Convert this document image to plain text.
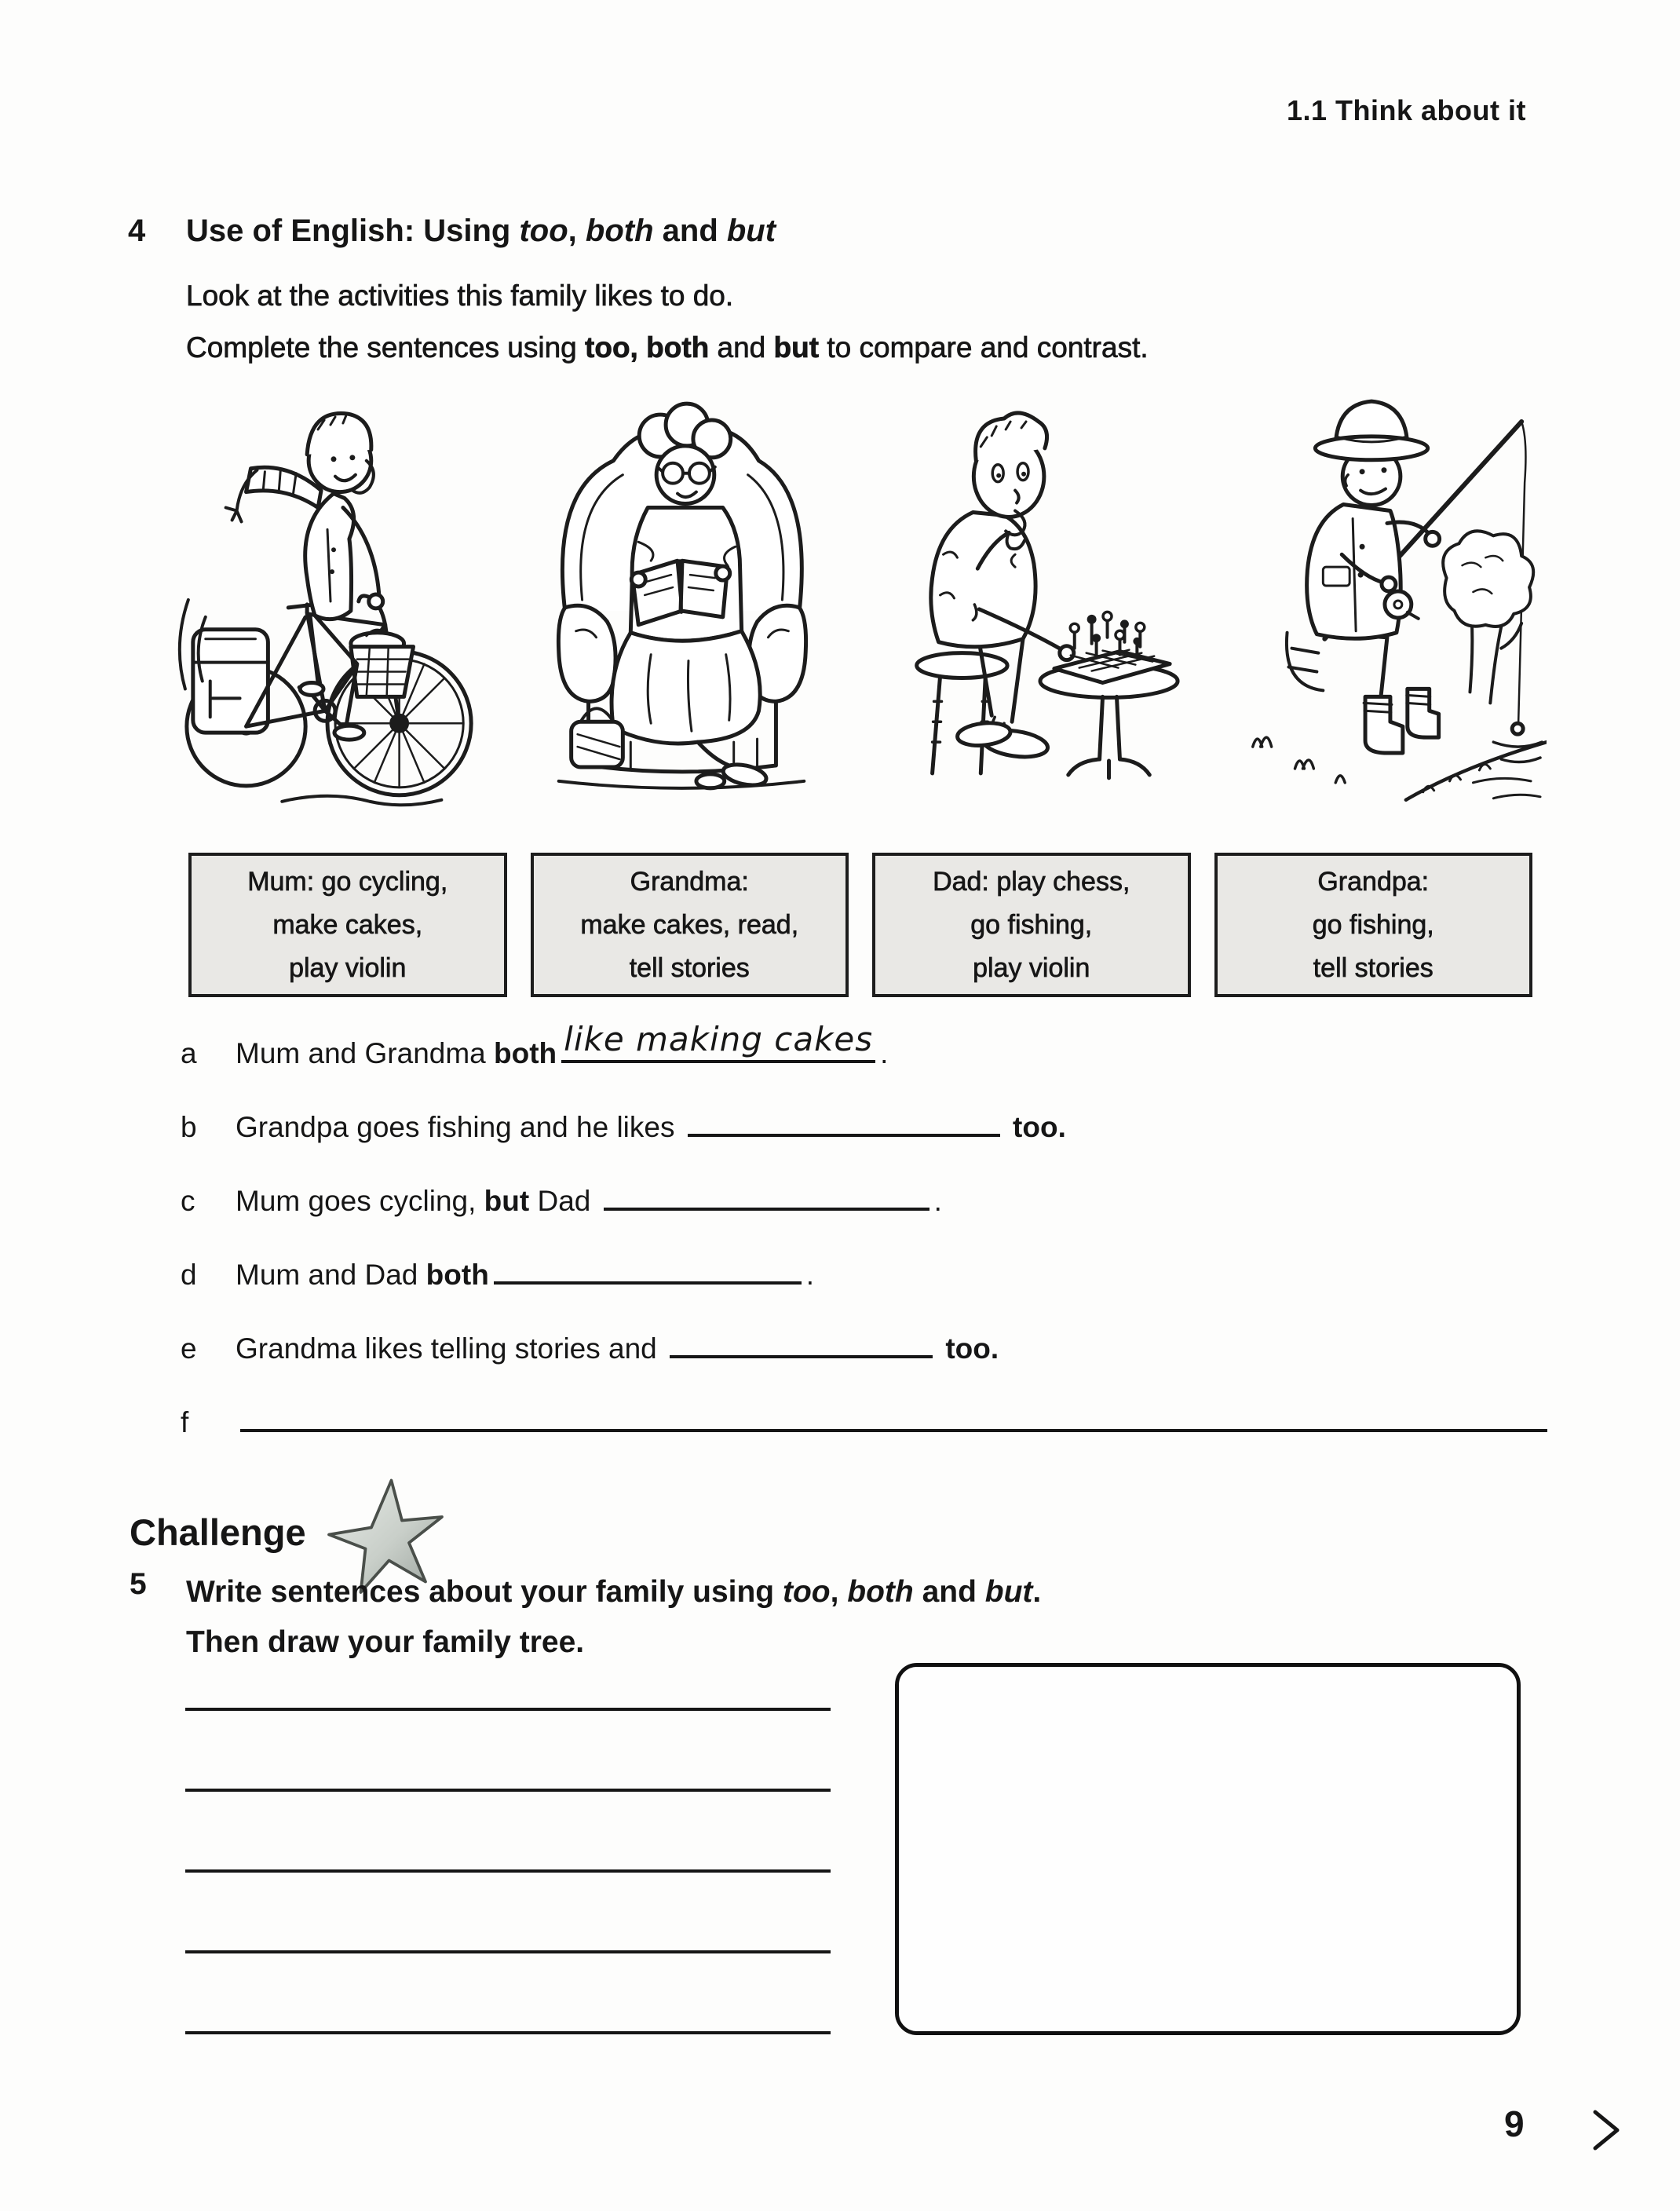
1.1 Think about it
4 Use of English: Using too, both and but
Look at the activities this family likes to do.
Complete the sentences using too, both and but to compare and contrast.
Mum: go cycling,
make cakes,
play violin
Grandma:
make cakes, read,
tell stories
Dad: play chess,
go fishing,
play violin
Grandpa:
go fishing,
tell stories
a Mum and Grandma both like making cakes .
b Grandpa goes fishing and he likes	too.
c Mum goes cycling, but Dad	.
d Mum and Dad both	.
e Grandma likes telling stories and	too.
f
Challenge
5 Write sentences about your family using too, both and but.
Then draw your family tree.
9
